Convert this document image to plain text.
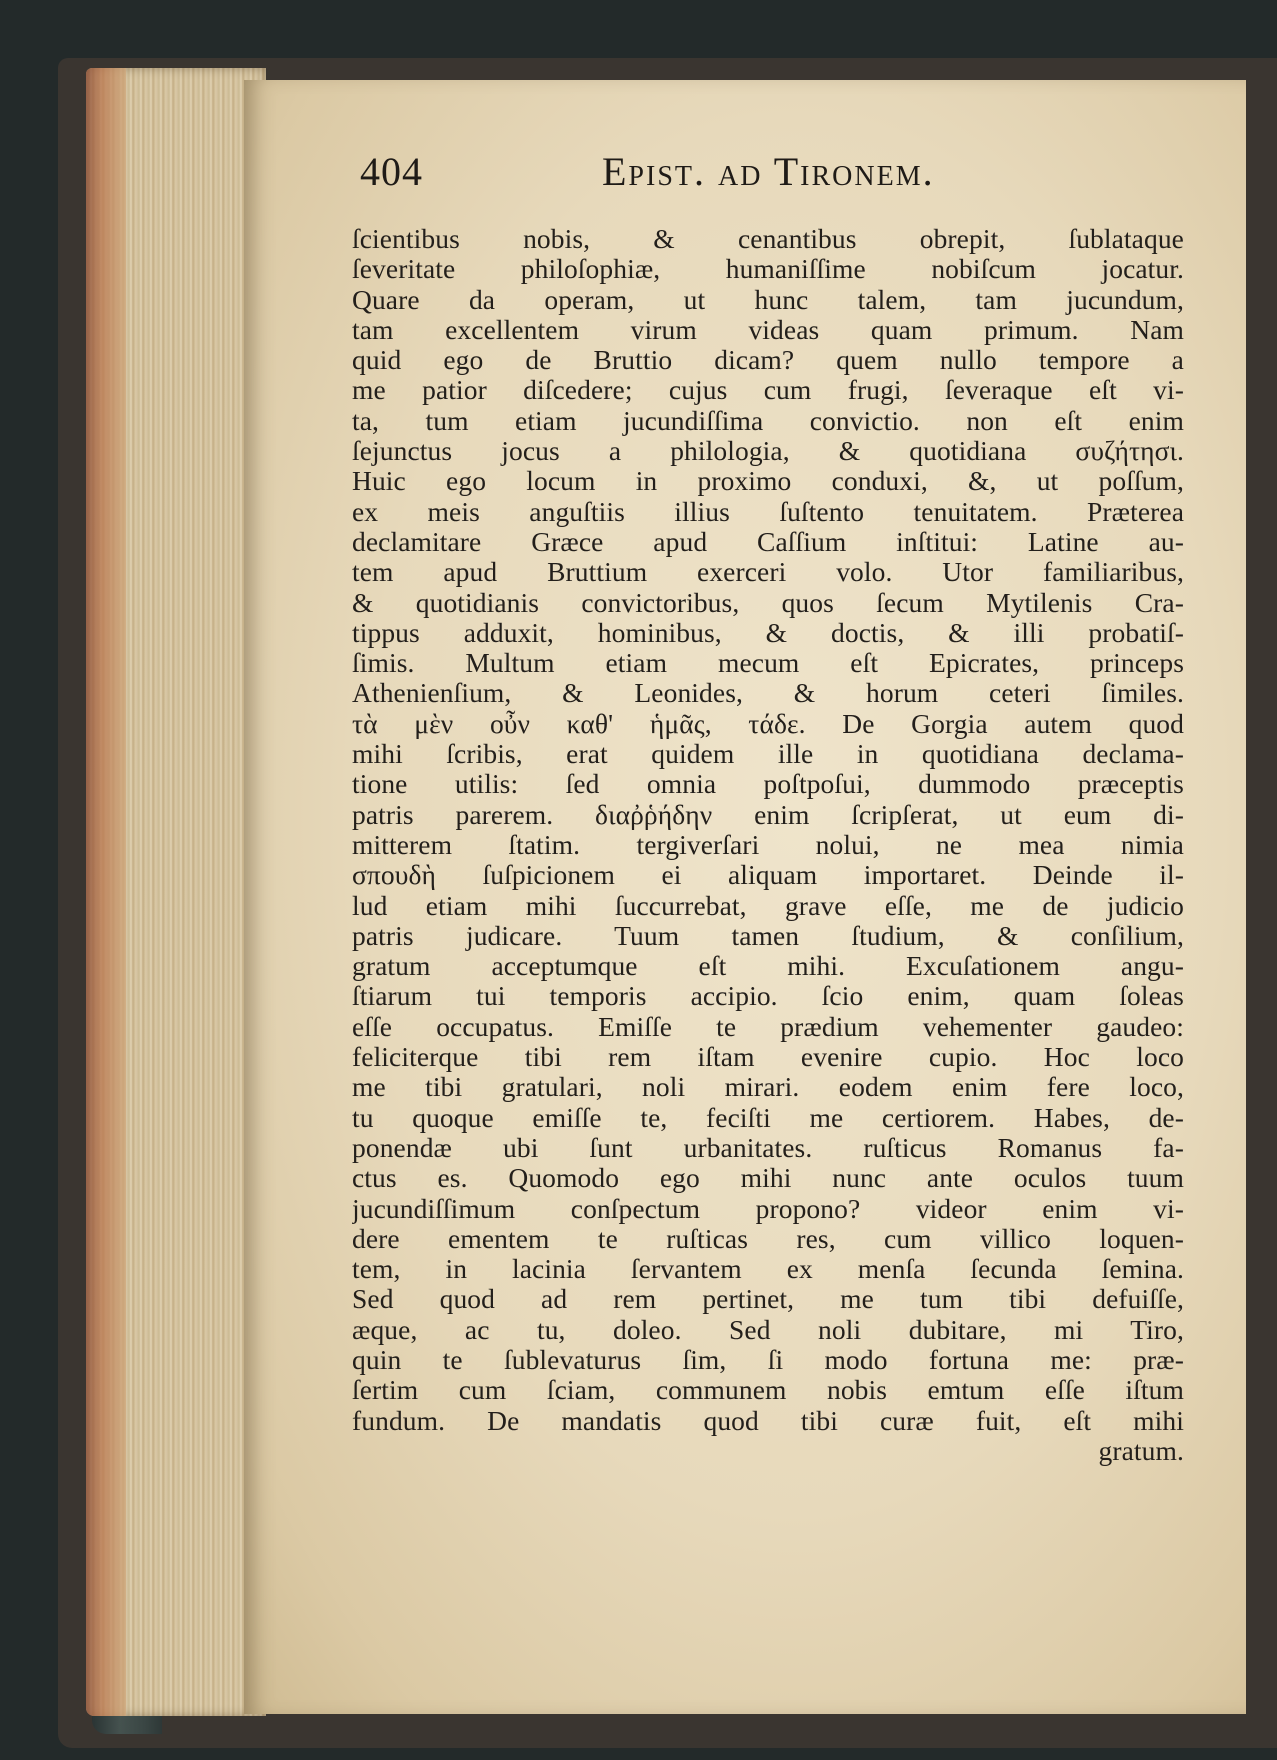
404	Epist. ad Tironem.
ſcientibus nobis, & cenantibus obrepit, ſublataque
ſeveritate philoſophiæ, humaniſſime nobiſcum jocatur.
Quare da operam, ut hunc talem, tam jucundum,
tam excellentem virum videas quam primum. Nam
quid ego de Bruttio dicam? quem nullo tempore a
me patior diſcedere; cujus cum frugi, ſeveraque eſt vi-
ta, tum etiam jucundiſſima convictio. non eſt enim
ſejunctus jocus a philologia, & quotidiana συζήτησι.
Huic ego locum in proximo conduxi, &, ut poſſum,
ex meis anguſtiis illius ſuſtento tenuitatem. Præterea
declamitare Græce apud Caſſium inſtitui: Latine au-
tem apud Bruttium exerceri volo. Utor familiaribus,
& quotidianis convictoribus, quos ſecum Mytilenis Cra-
tippus adduxit, hominibus, & doctis, & illi probatiſ-
ſimis. Multum etiam mecum eſt Epicrates, princeps
Athenienſium, & Leonides, & horum ceteri ſimiles.
τὰ μὲν οὖν καθ' ἡμᾶς, τάδε. De Gorgia autem quod
mihi ſcribis, erat quidem ille in quotidiana declama-
tione utilis: ſed omnia poſtpoſui, dummodo præceptis
patris parerem. διαῤῥήδην enim ſcripſerat, ut eum di-
mitterem ſtatim. tergiverſari nolui, ne mea nimia
σπουδὴ ſuſpicionem ei aliquam importaret. Deinde il-
lud etiam mihi ſuccurrebat, grave eſſe, me de judicio
patris judicare. Tuum tamen ſtudium, & conſilium,
gratum acceptumque eſt mihi. Excuſationem angu-
ſtiarum tui temporis accipio. ſcio enim, quam ſoleas
eſſe occupatus. Emiſſe te prædium vehementer gaudeo:
feliciterque tibi rem iſtam evenire cupio. Hoc loco
me tibi gratulari, noli mirari. eodem enim fere loco,
tu quoque emiſſe te, feciſti me certiorem. Habes, de-
ponendæ ubi ſunt urbanitates. ruſticus Romanus fa-
ctus es. Quomodo ego mihi nunc ante oculos tuum
jucundiſſimum conſpectum propono? videor enim vi-
dere ementem te ruſticas res, cum villico loquen-
tem, in lacinia ſervantem ex menſa ſecunda ſemina.
Sed quod ad rem pertinet, me tum tibi defuiſſe,
æque, ac tu, doleo. Sed noli dubitare, mi Tiro,
quin te ſublevaturus ſim, ſi modo fortuna me: præ-
ſertim cum ſciam, communem nobis emtum eſſe iſtum
fundum. De mandatis quod tibi curæ fuit, eſt mihi
gratum.
